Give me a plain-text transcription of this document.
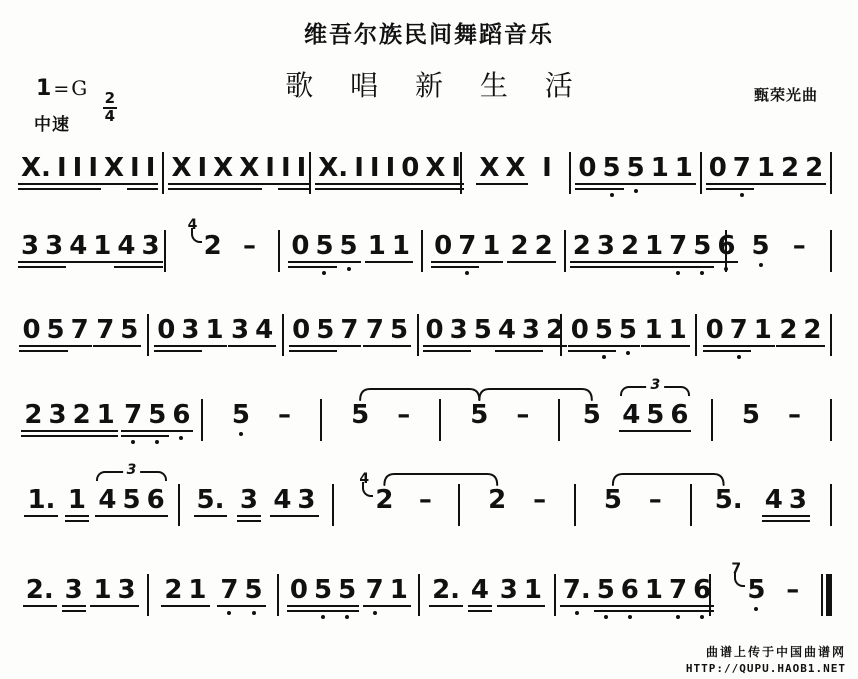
维吾尔族民间舞蹈音乐
歌 唱 新 生 活
1 = G
$\frac{2}{4}$
中速
甄荣光曲
X. I I I X I I X I X X I I I X. I I I 0 X I X X I 0 5 5 1 1 0 7 1 2 2
3 3 4 1 4 3 2
4
– 0 5 5 1 1 0 7 1 2 2 2 3 2 1 7 5 6 5 –
0 5 7 7 5 0 3 1 3 4 0 5 7 7 5 0 3 5 4 3 2 0 5 5 1 1 0 7 1 2 2
2 3 2 1 7 5 6 5 – 5 – 5 – 5
3
4 5 6 5 –
1. 1
3
4 5 6 5. 3 4 3 2
4
– 2 – 5 – 5. 4 3
2. 3 1 3 2 1 7 5 0 5 5 7 1 2. 4 3 1 7. 5 6 1 7 6 5
7
–
曲谱上传于中国曲谱网
HTTP://QUPU.HAOB1.NET
